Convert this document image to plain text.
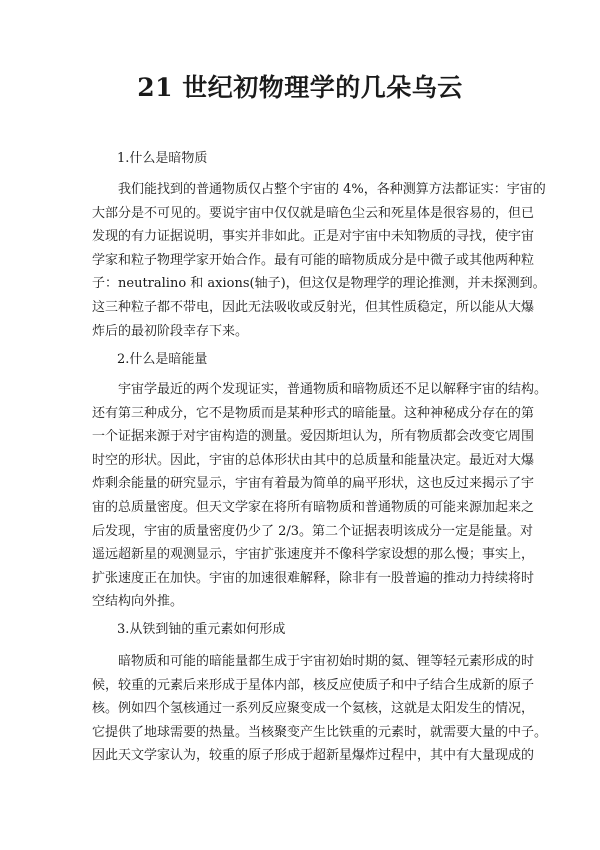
21 世纪初物理学的几朵乌云
1.什么是暗物质
我们能找到的普通物质仅占整个宇宙的 4%，各种测算方法都证实：宇宙的
大部分是不可见的。要说宇宙中仅仅就是暗色尘云和死星体是很容易的，但已
发现的有力证据说明，事实并非如此。正是对宇宙中未知物质的寻找，使宇宙
学家和粒子物理学家开始合作。最有可能的暗物质成分是中微子或其他两种粒
子：neutralino 和 axions(轴子)，但这仅是物理学的理论推测，并未探测到。
这三种粒子都不带电，因此无法吸收或反射光，但其性质稳定，所以能从大爆
炸后的最初阶段幸存下来。
2.什么是暗能量
宇宙学最近的两个发现证实，普通物质和暗物质还不足以解释宇宙的结构。
还有第三种成分，它不是物质而是某种形式的暗能量。这种神秘成分存在的第
一个证据来源于对宇宙构造的测量。爱因斯坦认为，所有物质都会改变它周围
时空的形状。因此，宇宙的总体形状由其中的总质量和能量决定。最近对大爆
炸剩余能量的研究显示，宇宙有着最为简单的扁平形状，这也反过来揭示了宇
宙的总质量密度。但天文学家在将所有暗物质和普通物质的可能来源加起来之
后发现，宇宙的质量密度仍少了 2/3。第二个证据表明该成分一定是能量。对
遥远超新星的观测显示，宇宙扩张速度并不像科学家设想的那么慢；事实上，
扩张速度正在加快。宇宙的加速很难解释，除非有一股普遍的推动力持续将时
空结构向外推。
3.从铁到铀的重元素如何形成
暗物质和可能的暗能量都生成于宇宙初始时期的氦、锂等轻元素形成的时
候，较重的元素后来形成于星体内部，核反应使质子和中子结合生成新的原子
核。例如四个氢核通过一系列反应聚变成一个氦核，这就是太阳发生的情况，
它提供了地球需要的热量。当核聚变产生比铁重的元素时，就需要大量的中子。
因此天文学家认为，较重的原子形成于超新星爆炸过程中，其中有大量现成的
